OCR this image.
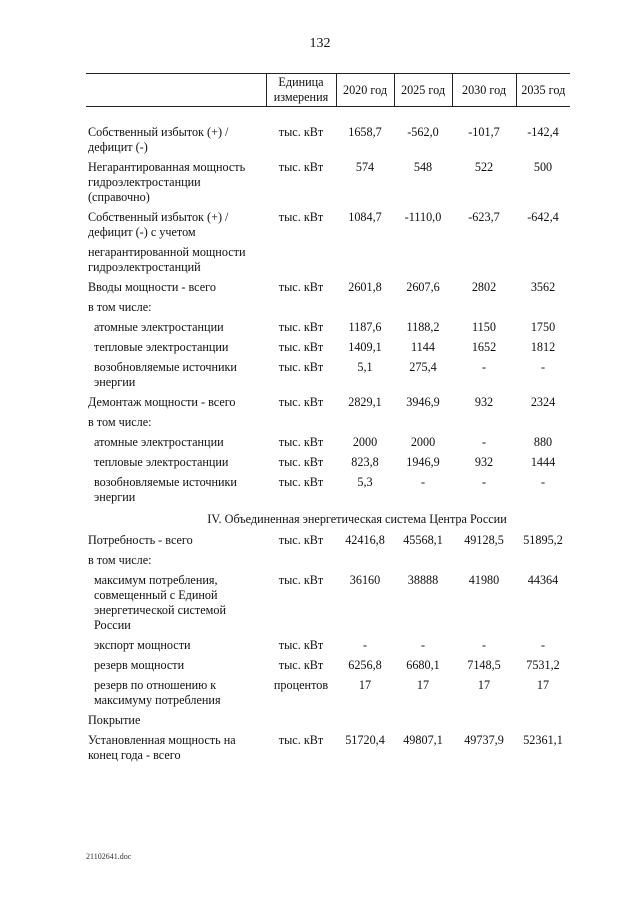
132
	Единица измерения	2020 год	2025 год	2030 год	2035 год

Собственный избыток (+) / дефицит (-)	тыс. кВт	1658,7	-562,0	-101,7	-142,4
Негарантированная мощность гидроэлектростанции (справочно)	тыс. кВт	574	548	522	500
Собственный избыток (+) / дефицит (-) с учетом	тыс. кВт	1084,7	-1110,0	-623,7	-642,4
негарантированной мощности гидроэлектростанций					
Вводы мощности - всего	тыс. кВт	2601,8	2607,6	2802	3562
в том числе:					
атомные электростанции	тыс. кВт	1187,6	1188,2	1150	1750
тепловые электростанции	тыс. кВт	1409,1	1144	1652	1812
возобновляемые источники энергии	тыс. кВт	5,1	275,4	-	-
Демонтаж мощности - всего	тыс. кВт	2829,1	3946,9	932	2324
в том числе:					
атомные электростанции	тыс. кВт	2000	2000	-	880
тепловые электростанции	тыс. кВт	823,8	1946,9	932	1444
возобновляемые источники энергии	тыс. кВт	5,3	-	-	-
IV. Объединенная энергетическая система Центра России					
Потребность - всего	тыс. кВт	42416,8	45568,1	49128,5	51895,2
в том числе:					
максимум потребления, совмещенный с Единой энергетической системой России	тыс. кВт	36160	38888	41980	44364
экспорт мощности	тыс. кВт	-	-	-	-
резерв мощности	тыс. кВт	6256,8	6680,1	7148,5	7531,2
резерв по отношению к максимуму потребления	процентов	17	17	17	17
Покрытие					
Установленная мощность на конец года - всего	тыс. кВт	51720,4	49807,1	49737,9	52361,1
21102641.doc
